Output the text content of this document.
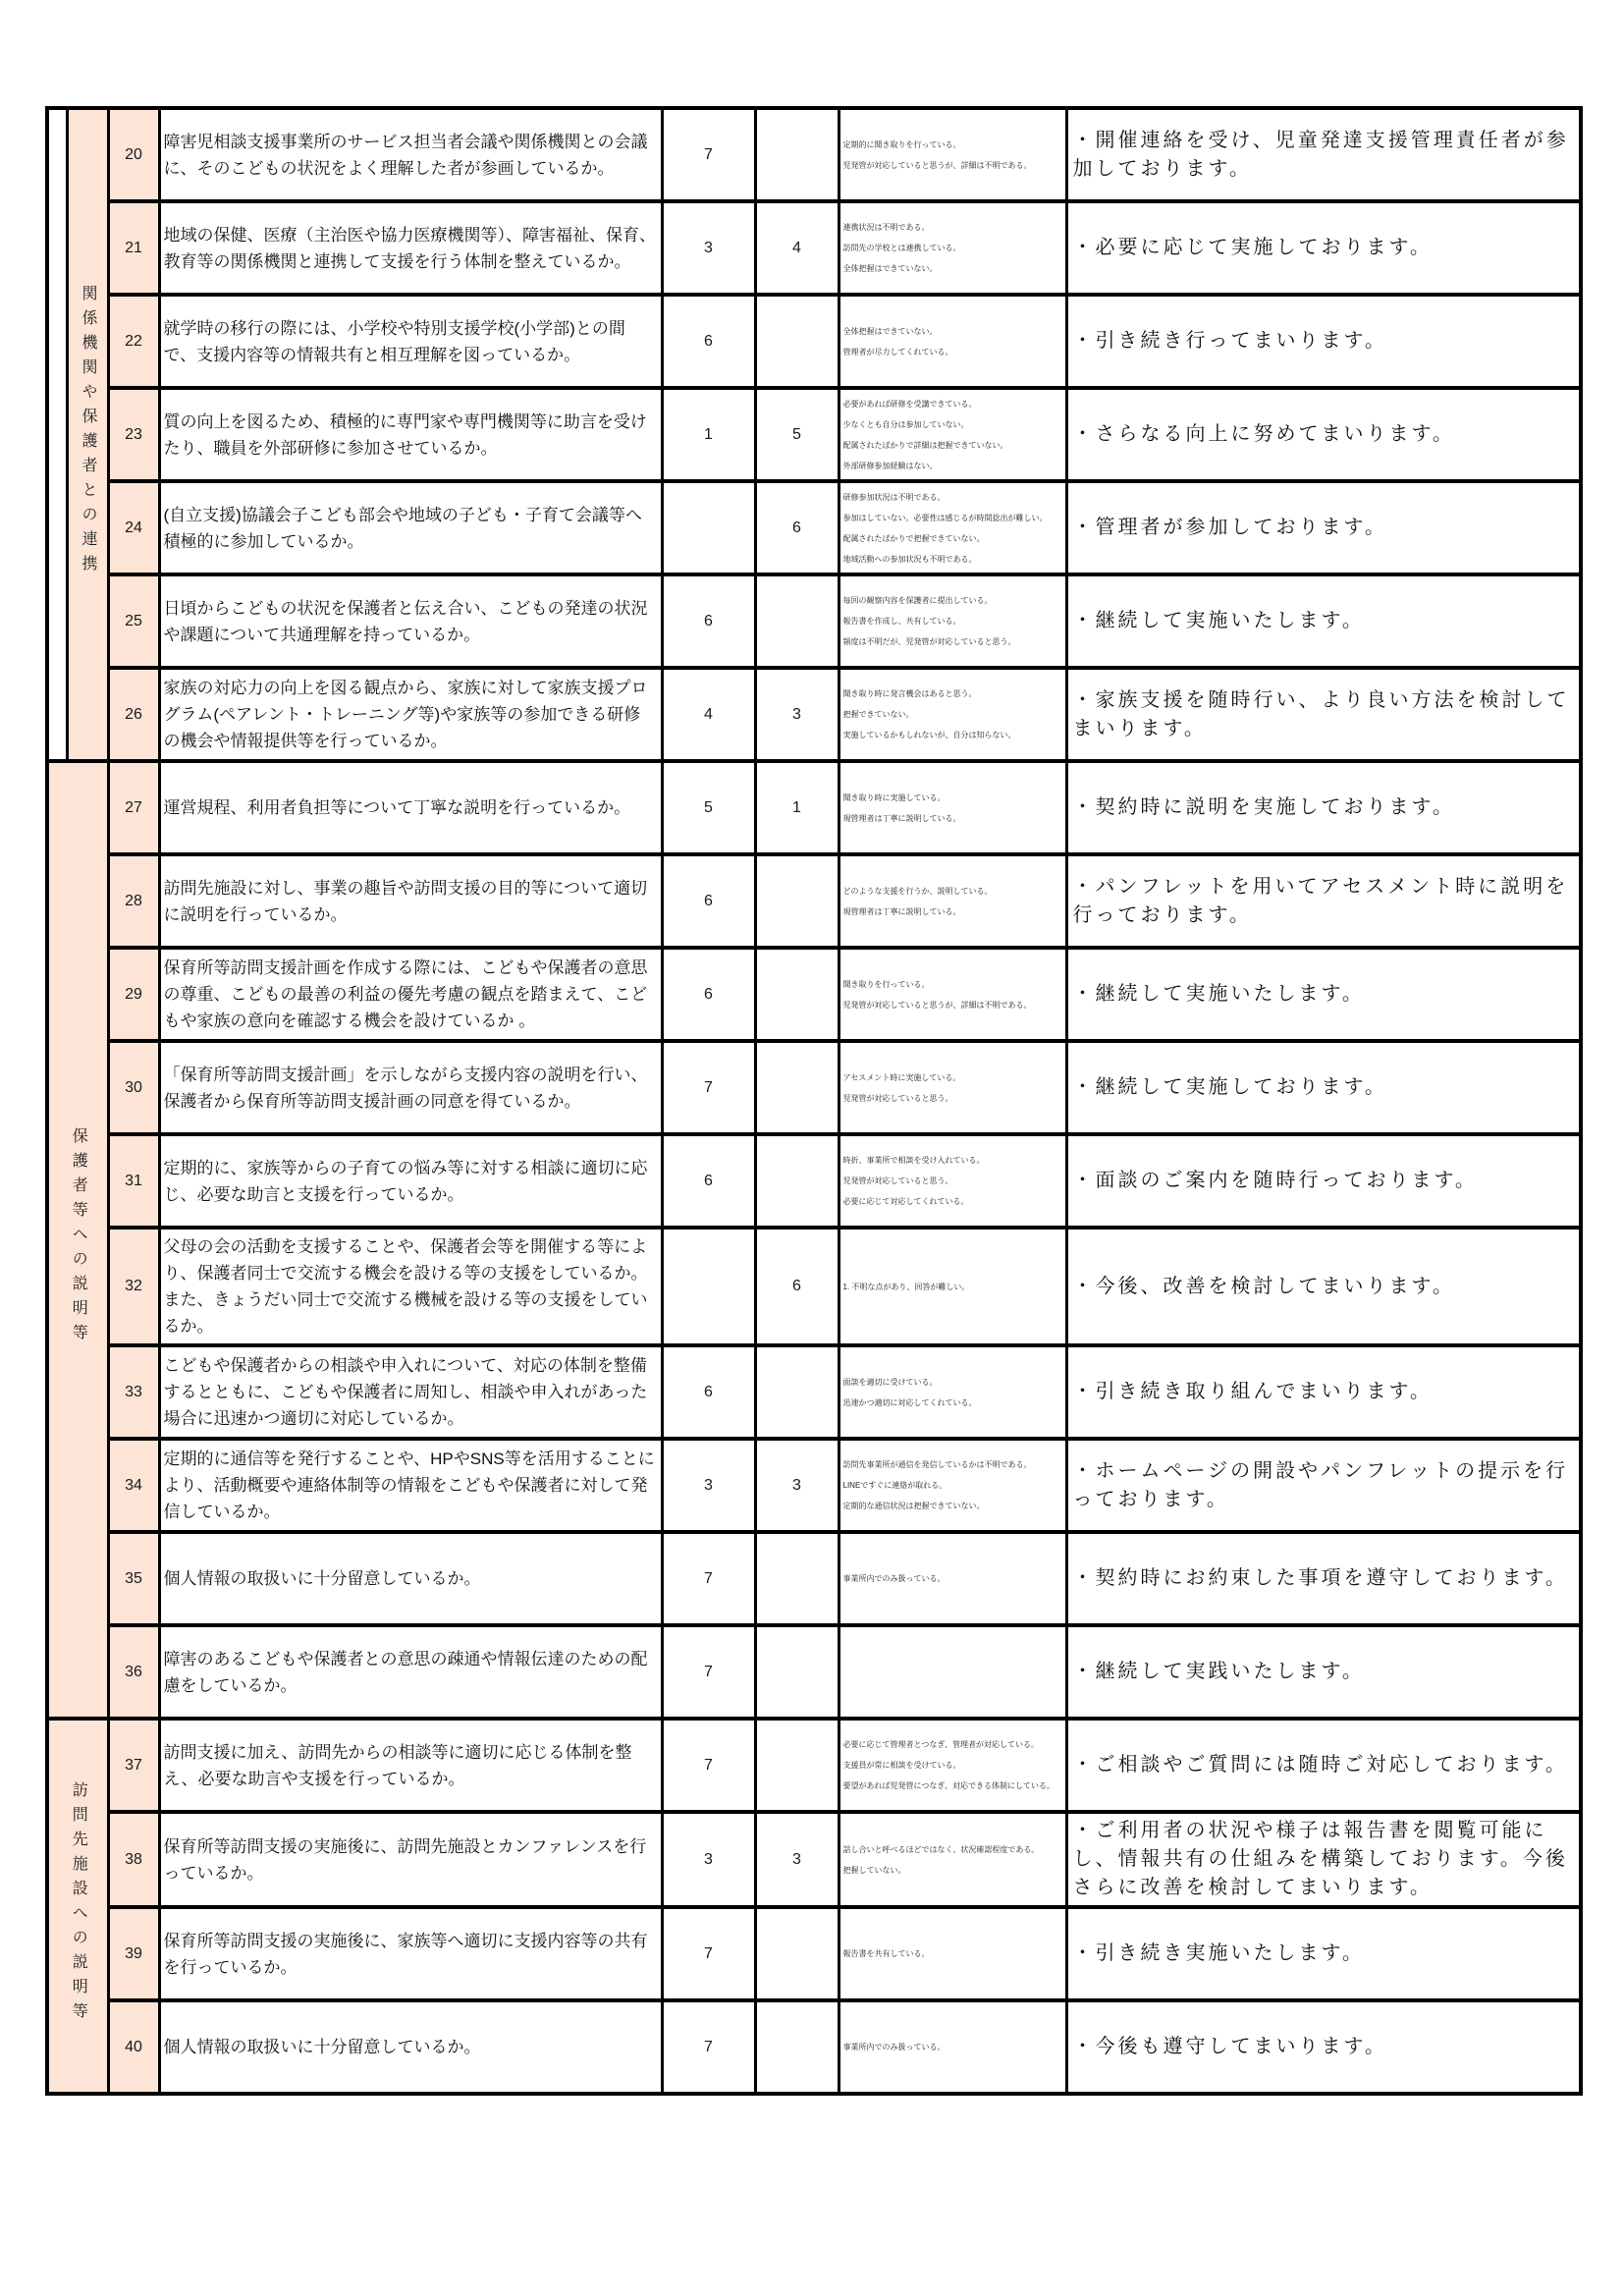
	関係機関や保護者との連携	20	障害児相談支援事業所のサービス担当者会議や関係機関との会議に、そのこどもの状況をよく理解した者が参画しているか。	7		定期的に聞き取りを行っている。
児発管が対応していると思うが、詳細は不明である。	・開催連絡を受け、児童発達支援管理責任者が参加しております。

		21	地域の保健、医療（主治医や協力医療機関等）、障害福祉、保育、教育等の関係機関と連携して支援を行う体制を整えているか。	3	4	連携状況は不明である。
訪問先の学校とは連携している。
全体把握はできていない。	・必要に応じて実施しております。

		22	就学時の移行の際には、小学校や特別支援学校(小学部)との間で、支援内容等の情報共有と相互理解を図っているか。	6		全体把握はできていない。
管理者が尽力してくれている。	・引き続き行ってまいります。

		23	質の向上を図るため、積極的に専門家や専門機関等に助言を受けたり、職員を外部研修に参加させているか。	1	5	必要があれば研修を受講できている。
少なくとも自分は参加していない。
配属されたばかりで詳細は把握できていない。
外部研修参加経験はない。	・さらなる向上に努めてまいります。

		24	(自立支援)協議会子こども部会や地域の子ども・子育て会議等へ積極的に参加しているか。		6	研修参加状況は不明である。
参加はしていない。必要性は感じるが時間捻出が難しい。
配属されたばかりで把握できていない。
地域活動への参加状況も不明である。	・管理者が参加しております。

		25	日頃からこどもの状況を保護者と伝え合い、こどもの発達の状況や課題について共通理解を持っているか。	6		毎回の観察内容を保護者に提出している。
報告書を作成し、共有している。
頻度は不明だが、児発管が対応していると思う。	・継続して実施いたします。

		26	家族の対応力の向上を図る観点から、家族に対して家族支援プログラム(ペアレント・トレーニング等)や家族等の参加できる研修の機会や情報提供等を行っているか。	4	3	聞き取り時に発言機会はあると思う。
把握できていない。
実施しているかもしれないが、自分は知らない。	・家族支援を随時行い、より良い方法を検討してまいります。

保護者等への説明等		27	運営規程、利用者負担等について丁寧な説明を行っているか。	5	1	聞き取り時に実施している。
現管理者は丁寧に説明している。	・契約時に説明を実施しております。

		28	訪問先施設に対し、事業の趣旨や訪問支援の目的等について適切に説明を行っているか。	6		どのような支援を行うか、説明している。
現管理者は丁寧に説明している。	・パンフレットを用いてアセスメント時に説明を行っております。

		29	保育所等訪問支援計画を作成する際には、こどもや保護者の意思の尊重、こどもの最善の利益の優先考慮の観点を踏まえて、こどもや家族の意向を確認する機会を設けているか 。	6		聞き取りを行っている。
児発管が対応していると思うが、詳細は不明である。	・継続して実施いたします。

		30	「保育所等訪問支援計画」を示しながら支援内容の説明を行い、保護者から保育所等訪問支援計画の同意を得ているか。	7		アセスメント時に実施している。
児発管が対応していると思う。	・継続して実施しております。

		31	定期的に、家族等からの子育ての悩み等に対する相談に適切に応じ、必要な助言と支援を行っているか。	6		時折、事業所で相談を受け入れている。
児発管が対応していると思う。
必要に応じて対応してくれている。	・面談のご案内を随時行っております。

		32	父母の会の活動を支援することや、保護者会等を開催する等により、保護者同士で交流する機会を設ける等の支援をしているか。また、きょうだい同士で交流する機械を設ける等の支援をしているか。		6	1. 不明な点があり、回答が難しい。	・今後、改善を検討してまいります。

		33	こどもや保護者からの相談や申入れについて、対応の体制を整備するとともに、こどもや保護者に周知し、相談や申入れがあった場合に迅速かつ適切に対応しているか。	6		面談を適切に受けている。
迅速かつ適切に対応してくれている。	・引き続き取り組んでまいります。

		34	定期的に通信等を発行することや、HPやSNS等を活用することにより、活動概要や連絡体制等の情報をこどもや保護者に対して発信しているか。	3	3	訪問先事業所が通信を発信しているかは不明である。
LINEですぐに連絡が取れる。
定期的な通信状況は把握できていない。	・ホームページの開設やパンフレットの提示を行っております。

		35	個人情報の取扱いに十分留意しているか。	7		事業所内でのみ扱っている。	・契約時にお約束した事項を遵守しております。

		36	障害のあるこどもや保護者との意思の疎通や情報伝達のための配慮をしているか。	7			・継続して実践いたします。

訪問先施設への説明等		37	訪問支援に加え、訪問先からの相談等に適切に応じる体制を整え、必要な助言や支援を行っているか。	7		必要に応じて管理者とつなぎ、管理者が対応している。
支援員が常に相談を受けている。
要望があれば児発管につなぎ、対応できる体制にしている。	・ご相談やご質問には随時ご対応しております。

		38	保育所等訪問支援の実施後に、訪問先施設とカンファレンスを行っているか。	3	3	話し合いと呼べるほどではなく、状況確認程度である。
把握していない。	・ご利用者の状況や様子は報告書を閲覧可能にし、情報共有の仕組みを構築しております。今後さらに改善を検討してまいります。

		39	保育所等訪問支援の実施後に、家族等へ適切に支援内容等の共有を行っているか。	7		報告書を共有している。	・引き続き実施いたします。

		40	個人情報の取扱いに十分留意しているか。	7		事業所内でのみ扱っている。	・今後も遵守してまいります。
